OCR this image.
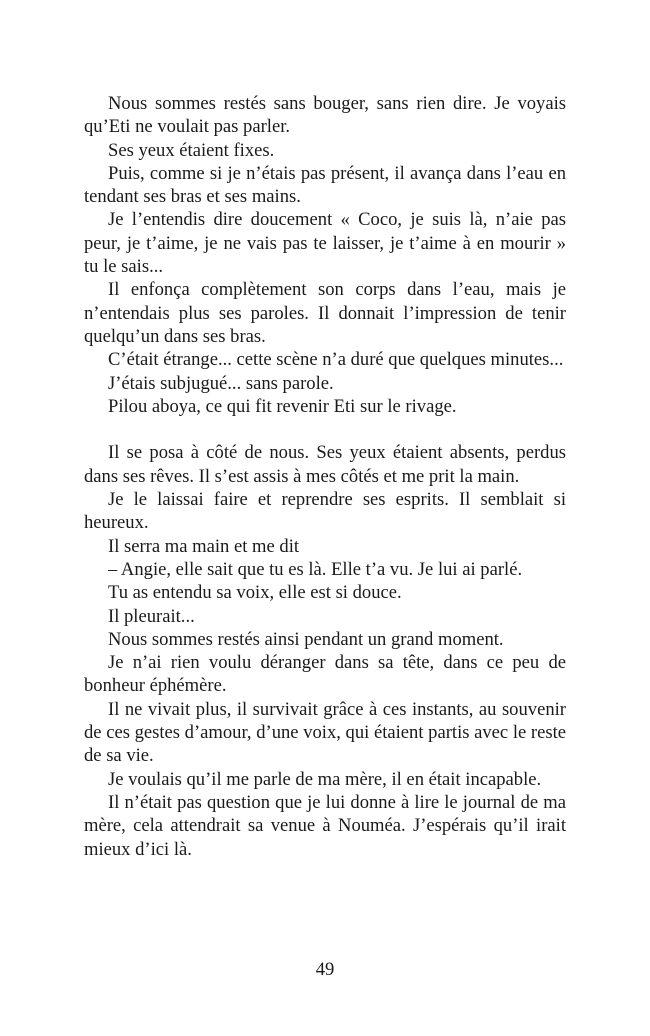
Nous sommes restés sans bouger, sans rien dire. Je voyais qu’Eti ne voulait pas parler.

Ses yeux étaient fixes.

Puis, comme si je n’étais pas présent, il avança dans l’eau en tendant ses bras et ses mains.

Je l’entendis dire doucement « Coco, je suis là, n’aie pas peur, je t’aime, je ne vais pas te laisser, je t’aime à en mourir » tu le sais...

Il enfonça complètement son corps dans l’eau, mais je n’entendais plus ses paroles. Il donnait l’impression de tenir quelqu’un dans ses bras.

C’était étrange... cette scène n’a duré que quelques minutes...

J’étais subjugué... sans parole.

Pilou aboya, ce qui fit revenir Eti sur le rivage.

Il se posa à côté de nous. Ses yeux étaient absents, perdus dans ses rêves. Il s’est assis à mes côtés et me prit la main.

Je le laissai faire et reprendre ses esprits. Il semblait si heureux.

Il serra ma main et me dit

– Angie, elle sait que tu es là. Elle t’a vu. Je lui ai parlé.

Tu as entendu sa voix, elle est si douce.

Il pleurait...

Nous sommes restés ainsi pendant un grand moment.

Je n’ai rien voulu déranger dans sa tête, dans ce peu de bonheur éphémère.

Il ne vivait plus, il survivait grâce à ces instants, au souvenir de ces gestes d’amour, d’une voix, qui étaient partis avec le reste de sa vie.

Je voulais qu’il me parle de ma mère, il en était incapable.

Il n’était pas question que je lui donne à lire le journal de ma mère, cela attendrait sa venue à Nouméa. J’espérais qu’il irait mieux d’ici là.

49
